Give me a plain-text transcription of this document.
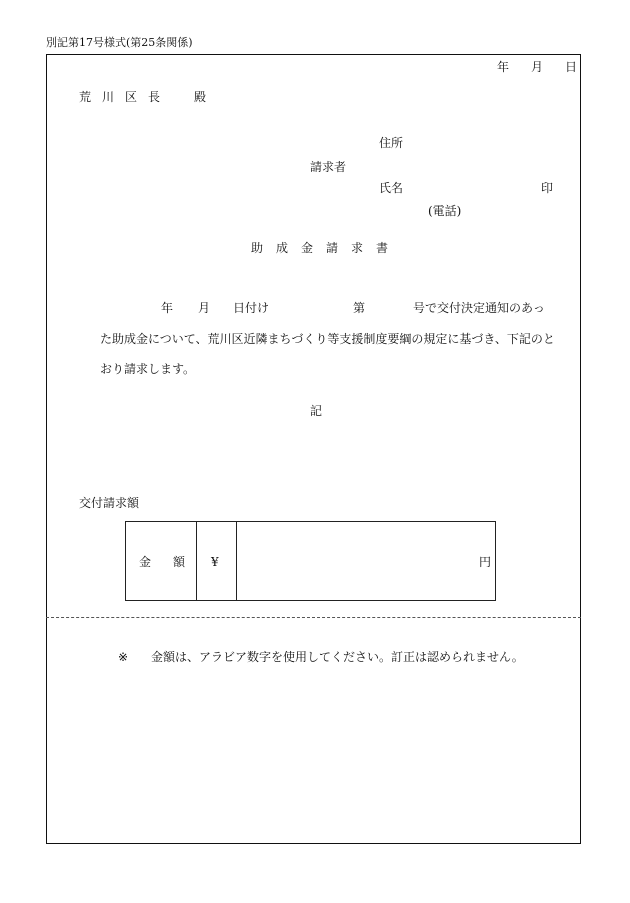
別記第17号様式(第25条関係)
年 月 日
荒川区長　殿
住所
請求者
氏名	印
(電話)
助成金請求書
年 月 日付け	第	号で交付決定通知のあっ
た助成金について、荒川区近隣まちづくり等支援制度要綱の規定に基づき、下記のと
おり請求します。
記
交付請求額
金額 ¥	円
※ 金額は、アラビア数字を使用してください。訂正は認められません。
